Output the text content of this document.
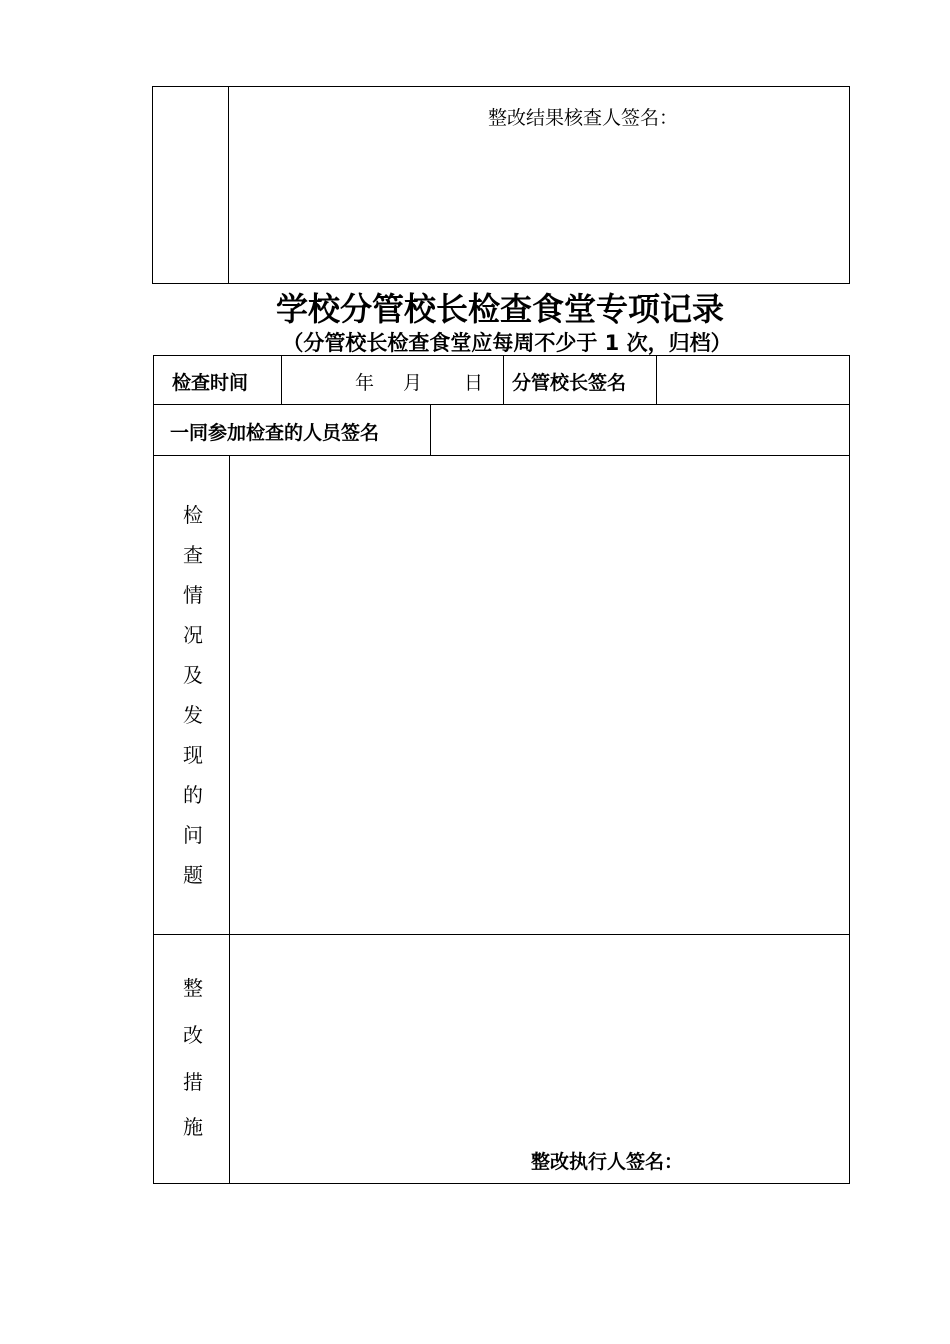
整改结果核查人签名：
学校分管校长检查食堂专项记录
（分管校长检查食堂应每周不少于 1 次，归档）
检查时间	年 月 日 分管校长签名
一同参加检查的人员签名
检
查
情
况
及
发
现
的
问
题
整
改
措
施
整改执行人签名：
